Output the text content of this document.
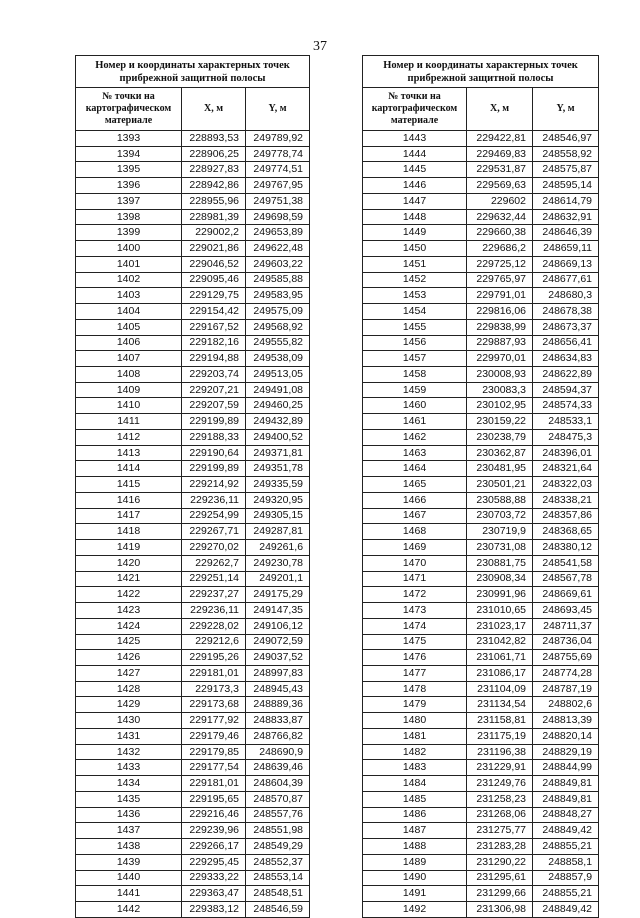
37
Номер и координаты характерных точек прибрежной защитной полосы		
№ точки на картографическом материале	X, м	Y, м
1393	228893,53	249789,92
1394	228906,25	249778,74
1395	228927,83	249774,51
1396	228942,86	249767,95
1397	228955,96	249751,38
1398	228981,39	249698,59
1399	229002,2	249653,89
1400	229021,86	249622,48
1401	229046,52	249603,22
1402	229095,46	249585,88
1403	229129,75	249583,95
1404	229154,42	249575,09
1405	229167,52	249568,92
1406	229182,16	249555,82
1407	229194,88	249538,09
1408	229203,74	249513,05
1409	229207,21	249491,08
1410	229207,59	249460,25
1411	229199,89	249432,89
1412	229188,33	249400,52
1413	229190,64	249371,81
1414	229199,89	249351,78
1415	229214,92	249335,59
1416	229236,11	249320,95
1417	229254,99	249305,15
1418	229267,71	249287,81
1419	229270,02	249261,6
1420	229262,7	249230,78
1421	229251,14	249201,1
1422	229237,27	249175,29
1423	229236,11	249147,35
1424	229228,02	249106,12
1425	229212,6	249072,59
1426	229195,26	249037,52
1427	229181,01	248997,83
1428	229173,3	248945,43
1429	229173,68	248889,36
1430	229177,92	248833,87
1431	229179,46	248766,82
1432	229179,85	248690,9
1433	229177,54	248639,46
1434	229181,01	248604,39
1435	229195,65	248570,87
1436	229216,46	248557,76
1437	229239,96	248551,98
1438	229266,17	248549,29
1439	229295,45	248552,37
1440	229333,22	248553,14
1441	229363,47	248548,51
1442	229383,12	248546,59
Номер и координаты характерных точек прибрежной защитной полосы		
№ точки на картографическом материале	X, м	Y, м
1443	229422,81	248546,97
1444	229469,83	248558,92
1445	229531,87	248575,87
1446	229569,63	248595,14
1447	229602	248614,79
1448	229632,44	248632,91
1449	229660,38	248646,39
1450	229686,2	248659,11
1451	229725,12	248669,13
1452	229765,97	248677,61
1453	229791,01	248680,3
1454	229816,06	248678,38
1455	229838,99	248673,37
1456	229887,93	248656,41
1457	229970,01	248634,83
1458	230008,93	248622,89
1459	230083,3	248594,37
1460	230102,95	248574,33
1461	230159,22	248533,1
1462	230238,79	248475,3
1463	230362,87	248396,01
1464	230481,95	248321,64
1465	230501,21	248322,03
1466	230588,88	248338,21
1467	230703,72	248357,86
1468	230719,9	248368,65
1469	230731,08	248380,12
1470	230881,75	248541,58
1471	230908,34	248567,78
1472	230991,96	248669,61
1473	231010,65	248693,45
1474	231023,17	248711,37
1475	231042,82	248736,04
1476	231061,71	248755,69
1477	231086,17	248774,28
1478	231104,09	248787,19
1479	231134,54	248802,6
1480	231158,81	248813,39
1481	231175,19	248820,14
1482	231196,38	248829,19
1483	231229,91	248844,99
1484	231249,76	248849,81
1485	231258,23	248849,81
1486	231268,06	248848,27
1487	231275,77	248849,42
1488	231283,28	248855,21
1489	231290,22	248858,1
1490	231295,61	248857,9
1491	231299,66	248855,21
1492	231306,98	248849,42
